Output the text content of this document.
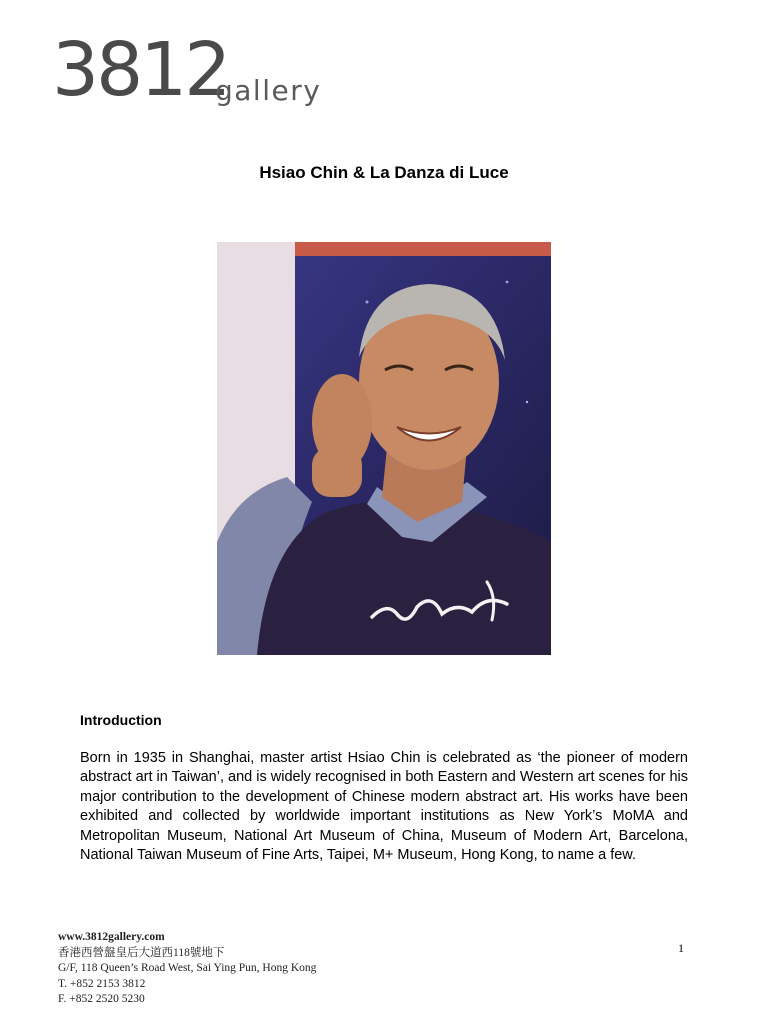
3812
gallery
Hsiao Chin & La Danza di Luce
Introduction

Born in 1935 in Shanghai, master artist Hsiao Chin is celebrated as ‘the pioneer of modern abstract art in Taiwan’, and is widely recognised in both Eastern and Western art scenes for his major contribution to the development of Chinese modern abstract art. His works have been exhibited and collected by worldwide important institutions as New York’s MoMA and Metropolitan Museum, National Art Museum of China, Museum of Modern Art, Barcelona, National Taiwan Museum of Fine Arts, Taipei, M+ Museum, Hong Kong, to name a few.

www.3812gallery.com
香港西營盤皇后大道西118號地下
G/F, 118 Queen’s Road West, Sai Ying Pun, Hong Kong
T. +852 2153 3812
F. +852 2520 5230
1
